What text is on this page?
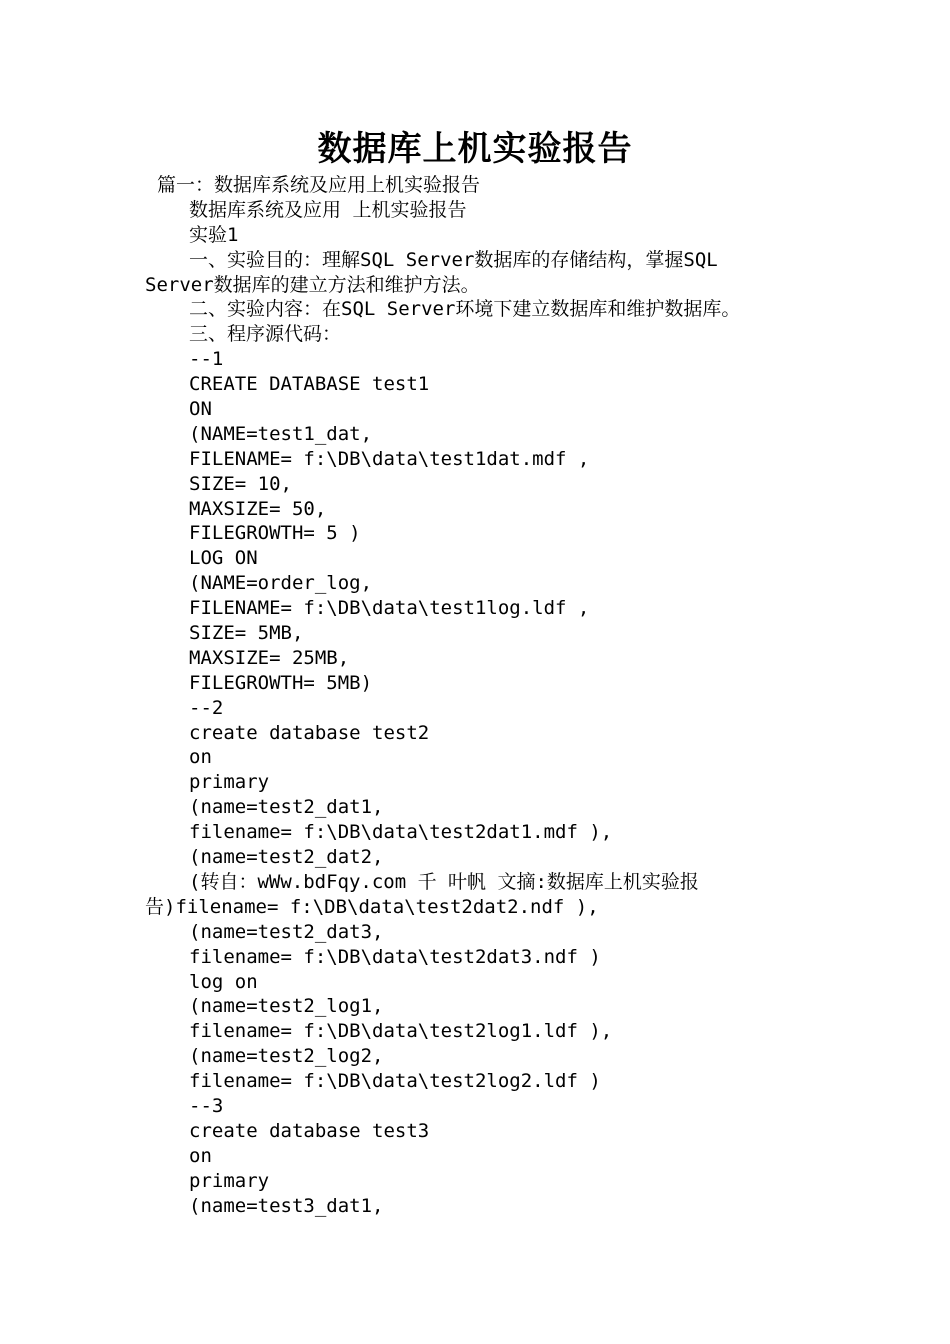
数据库上机实验报告
篇一：数据库系统及应用上机实验报告
数据库系统及应用 上机实验报告
实验1
一、实验目的：理解SQL Server数据库的存储结构，掌握SQL
Server数据库的建立方法和维护方法。
二、实验内容：在SQL Server环境下建立数据库和维护数据库。
三、程序源代码：
--1
CREATE DATABASE test1
ON
(NAME=test1_dat,
FILENAME= f:\DB\data\test1dat.mdf ,
SIZE= 10,
MAXSIZE= 50,
FILEGROWTH= 5 )
LOG ON
(NAME=order_log,
FILENAME= f:\DB\data\test1log.ldf ,
SIZE= 5MB,
MAXSIZE= 25MB,
FILEGROWTH= 5MB)
--2
create database test2
on
primary
(name=test2_dat1,
filename= f:\DB\data\test2dat1.mdf ),
(name=test2_dat2,
(转自：wWw.bdFqy.com 千 叶帆 文摘:数据库上机实验报
告)filename= f:\DB\data\test2dat2.ndf ),
(name=test2_dat3,
filename= f:\DB\data\test2dat3.ndf )
log on
(name=test2_log1,
filename= f:\DB\data\test2log1.ldf ),
(name=test2_log2,
filename= f:\DB\data\test2log2.ldf )
--3
create database test3
on
primary
(name=test3_dat1,
